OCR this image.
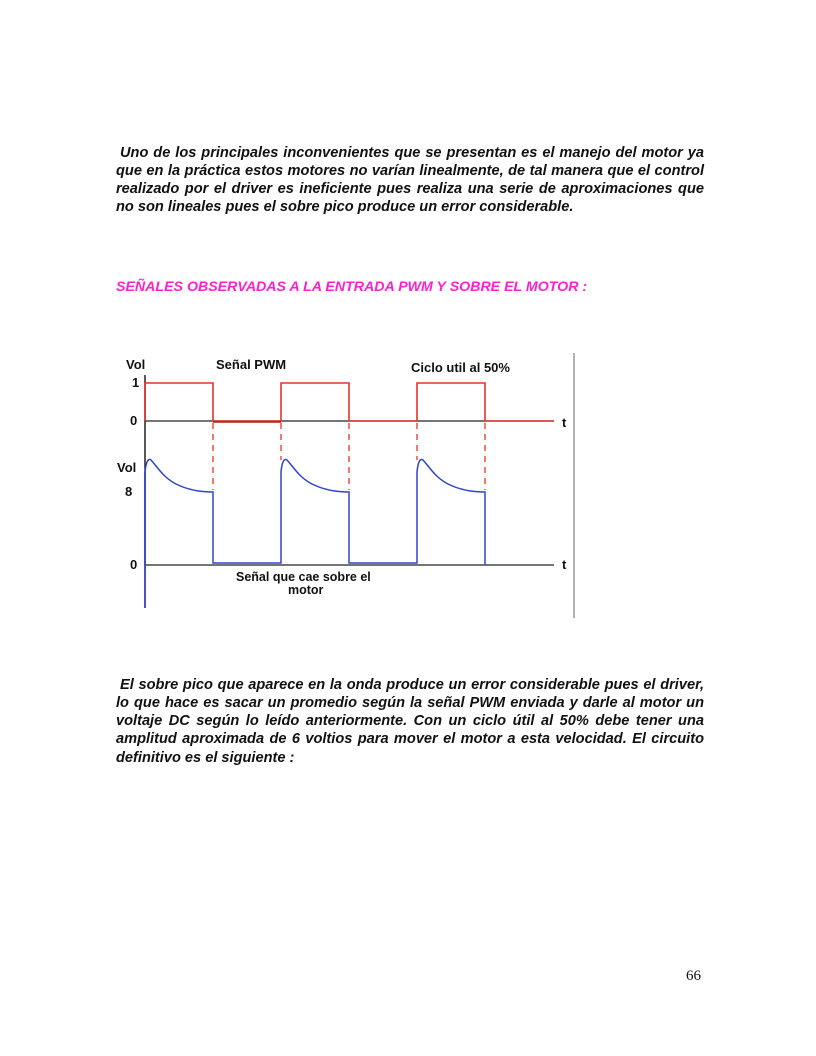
Uno de los principales inconvenientes que se presentan es el manejo del motor ya que en la práctica estos motores no varían linealmente, de tal manera que el control realizado por el driver es ineficiente pues realiza una serie de aproximaciones que no son lineales pues el sobre pico produce un error considerable.

SEÑALES OBSERVADAS A LA ENTRADA PWM Y SOBRE EL MOTOR :
Vol	Señal PWM	Ciclo util al 50%
1
0	t
Vol
8
0	t
Señal que cae sobre el
motor

El sobre pico que aparece en la onda produce un error considerable pues el driver, lo que hace es sacar un promedio según la señal PWM enviada y darle al motor un voltaje DC según lo leído anteriormente. Con un ciclo útil al 50% debe tener una amplitud aproximada de 6 voltios para mover el motor a esta velocidad. El circuito definitivo es el siguiente :

66
